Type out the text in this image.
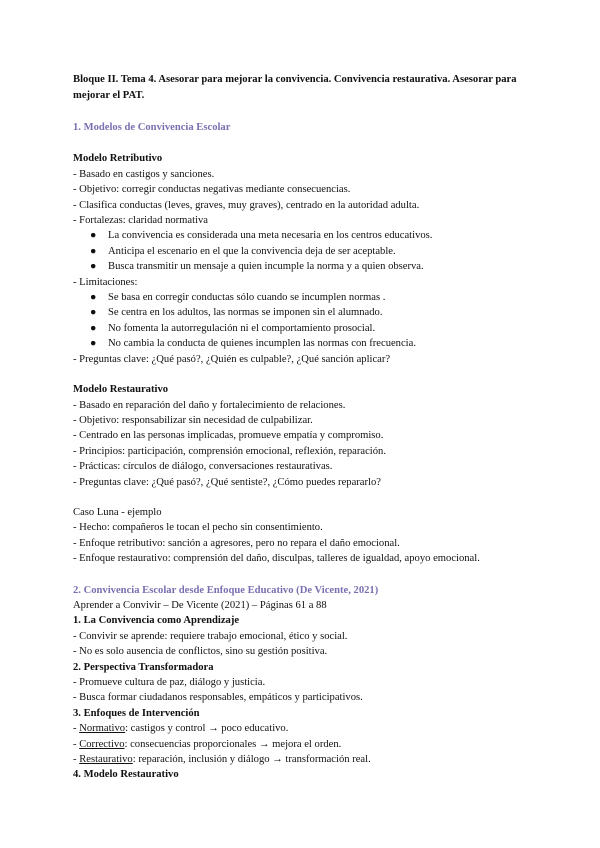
Bloque II. Tema 4. Asesorar para mejorar la convivencia. Convivencia restaurativa. Asesorar para mejorar el PAT.

1. Modelos de Convivencia Escolar

Modelo Retributivo
- Basado en castigos y sanciones.
- Objetivo: corregir conductas negativas mediante consecuencias.
- Clasifica conductas (leves, graves, muy graves), centrado en la autoridad adulta.
- Fortalezas: claridad normativa
● La convivencia es considerada una meta necesaria en los centros educativos.
● Anticipa el escenario en el que la convivencia deja de ser aceptable.
● Busca transmitir un mensaje a quien incumple la norma y a quien observa.
- Limitaciones:
● Se basa en corregir conductas sólo cuando se incumplen normas .
● Se centra en los adultos, las normas se imponen sin el alumnado.
● No fomenta la autorregulación ni el comportamiento prosocial.
● No cambia la conducta de quienes incumplen las normas con frecuencia.
- Preguntas clave: ¿Qué pasó?, ¿Quién es culpable?, ¿Qué sanción aplicar?
Modelo Restaurativo
- Basado en reparación del daño y fortalecimiento de relaciones.
- Objetivo: responsabilizar sin necesidad de culpabilizar.
- Centrado en las personas implicadas, promueve empatía y compromiso.
- Principios: participación, comprensión emocional, reflexión, reparación.
- Prácticas: círculos de diálogo, conversaciones restaurativas.
- Preguntas clave: ¿Qué pasó?, ¿Qué sentiste?, ¿Cómo puedes repararlo?
Caso Luna - ejemplo
- Hecho: compañeros le tocan el pecho sin consentimiento.
- Enfoque retributivo: sanción a agresores, pero no repara el daño emocional.
- Enfoque restaurativo: comprensión del daño, disculpas, talleres de igualdad, apoyo emocional.

2. Convivencia Escolar desde Enfoque Educativo (De Vicente, 2021)

Aprender a Convivir – De Vicente (2021) – Páginas 61 a 88
1. La Convivencia como Aprendizaje
- Convivir se aprende: requiere trabajo emocional, ético y social.
- No es solo ausencia de conflictos, sino su gestión positiva.
2. Perspectiva Transformadora
- Promueve cultura de paz, diálogo y justicia.
- Busca formar ciudadanos responsables, empáticos y participativos.
3. Enfoques de Intervención
- Normativo: castigos y control → poco educativo.
- Correctivo: consecuencias proporcionales → mejora el orden.
- Restaurativo: reparación, inclusión y diálogo → transformación real.
4. Modelo Restaurativo
